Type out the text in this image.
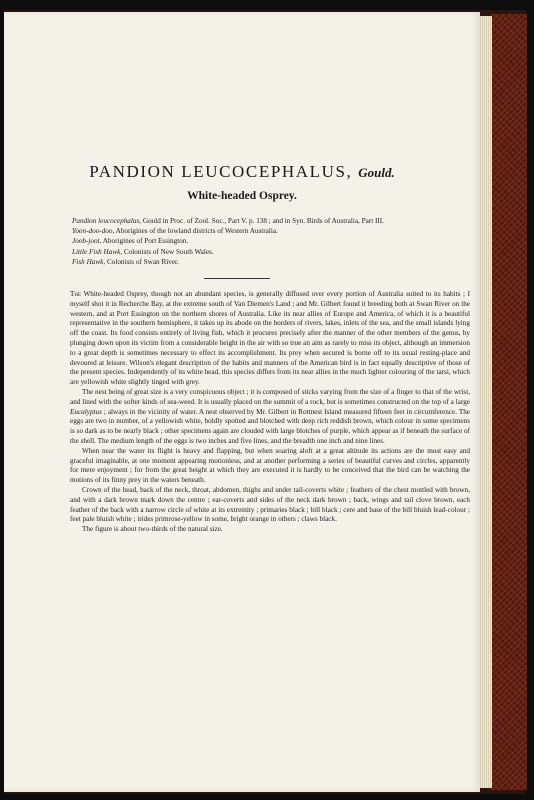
PANDION LEUCOCEPHALUS, Gould.
White-headed Osprey.
Pandion leucocephalus, Gould in Proc. of Zool. Soc., Part V. p. 138 ; and in Syn. Birds of Australia, Part III.
Yoon-doo-doo, Aborigines of the lowland districts of Western Australia.
Joob-joot, Aborigines of Port Essington.
Little Fish Hawk, Colonists of New South Wales.
Fish Hawk, Colonists of Swan River.

The White-headed Osprey, though not an abundant species, is generally diffused over every portion of Australia suited to its habits ; I myself shot it in Recherche Bay, at the extreme south of Van Diemen's Land ; and Mr. Gilbert found it breeding both at Swan River on the western, and at Port Essington on the northern shores of Australia. Like its near allies of Europe and America, of which it is a beautiful representative in the southern hemisphere, it takes up its abode on the borders of rivers, lakes, inlets of the sea, and the small islands lying off the coast. Its food consists entirely of living fish, which it procures precisely after the manner of the other members of the genus, by plunging down upon its victim from a considerable height in the air with so true an aim as rarely to miss its object, although an immersion to a great depth is sometimes necessary to effect its accomplishment. Its prey when secured is borne off to its usual resting-place and devoured at leisure. Wilson's elegant description of the habits and manners of the American bird is in fact equally descriptive of those of the present species. Independently of its white head, this species differs from its near allies in the much lighter colouring of the tarsi, which are yellowish white slightly tinged with grey.

The nest being of great size is a very conspicuous object ; it is composed of sticks varying from the size of a finger to that of the wrist, and lined with the softer kinds of sea-weed. It is usually placed on the summit of a rock, but is sometimes constructed on the top of a large Eucalyptus ; always in the vicinity of water. A nest observed by Mr. Gilbert in Rottnest Island measured fifteen feet in circumference. The eggs are two in number, of a yellowish white, boldly spotted and blotched with deep rich reddish brown, which colour in some specimens is so dark as to be nearly black ; other specimens again are clouded with large blotches of purple, which appear as if beneath the surface of the shell. The medium length of the eggs is two inches and five lines, and the breadth one inch and nine lines.

When near the water its flight is heavy and flapping, but when soaring aloft at a great altitude its actions are the most easy and graceful imaginable, at one moment appearing motionless, and at another performing a series of beautiful curves and circles, apparently for mere enjoyment ; for from the great height at which they are executed it is hardly to be conceived that the bird can be watching the motions of its finny prey in the waters beneath.

Crown of the head, back of the neck, throat, abdomen, thighs and under tail-coverts white ; feathers of the chest mottled with brown, and with a dark brown mark down the centre ; ear-coverts and sides of the neck dark brown ; back, wings and tail clove brown, each feather of the back with a narrow circle of white at its extremity ; primaries black ; bill black ; cere and base of the bill bluish lead-colour ; feet pale bluish white ; irides primrose-yellow in some, bright orange in others ; claws black.

The figure is about two-thirds of the natural size.
